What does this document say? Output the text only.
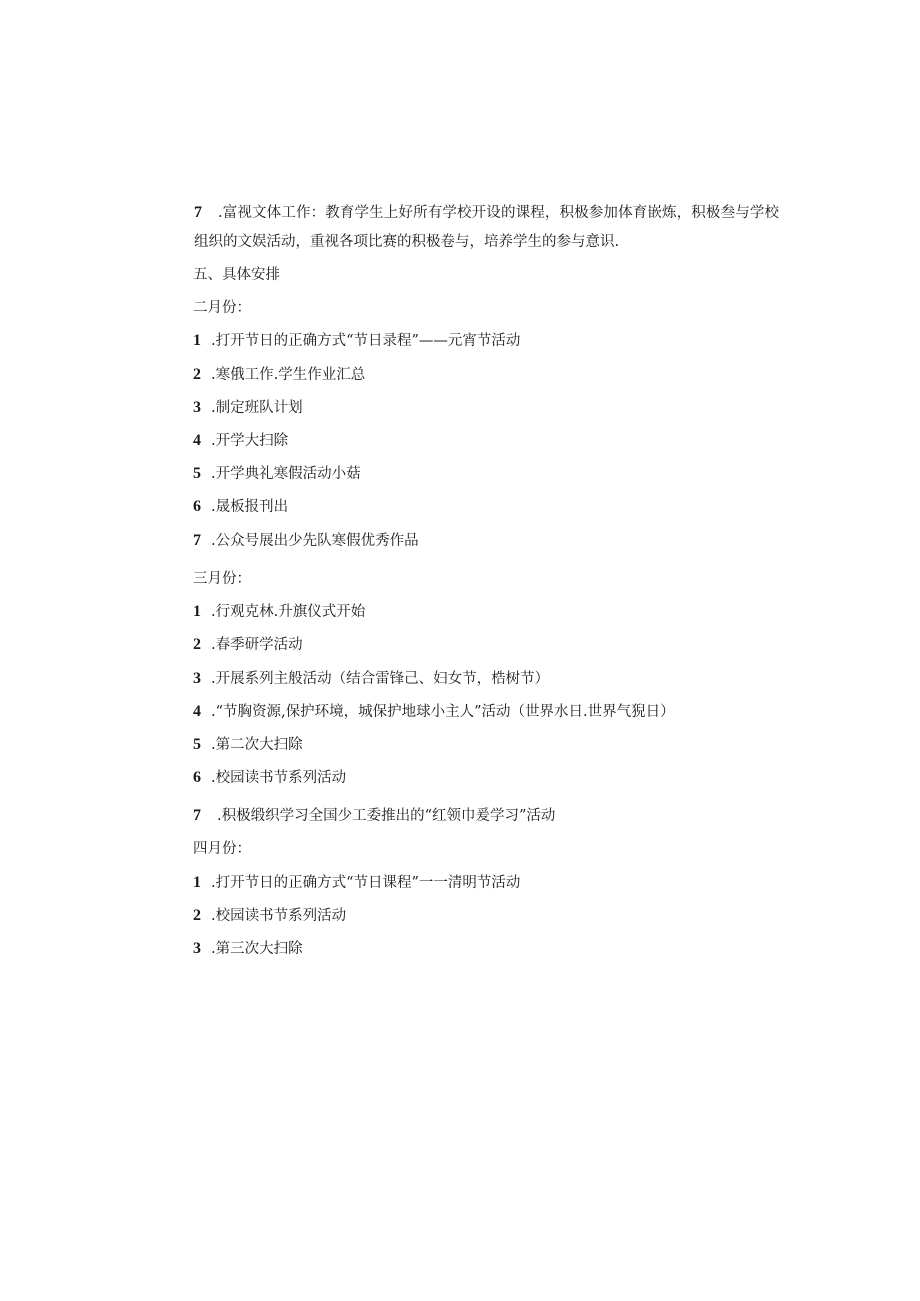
7 .富视文体工作：教育学生上好所有学校开设的课程，积极参加体育嵌炼，积极叁与学校组织的文娱活动，重视各项比赛的积极卷与，培养学生的参与意识.
五、具体安排
二月份：
1 .打开节日的正确方式“节日录程”——元宵节活动
2 .寒俄工作.学生作业汇总
3 .制定班队计划
4 .开学大扫除
5 .开学典礼寒假活动小菇
6 .晟板报刊出
7 .公众号展出少先队寒假优秀作品
三月份：
1 .行观克林.升旗仪式开始
2 .春季研学活动
3 .开展系列主般活动（结合雷锋己、妇女节，梏树节）
4 .“节胸资源,保护环境，城保护地球小主人”活动（世界水日.世界气猊日）
5 .第二次大扫除
6 .校园读书节系列活动
7 .积极缎织学习全国少工委推出的“红领巾爰学习”活动
四月份：
1 .打开节日的正确方式“节日课程”一一清明节活动
2 .校园读书节系列活动
3 .第三次大扫除
